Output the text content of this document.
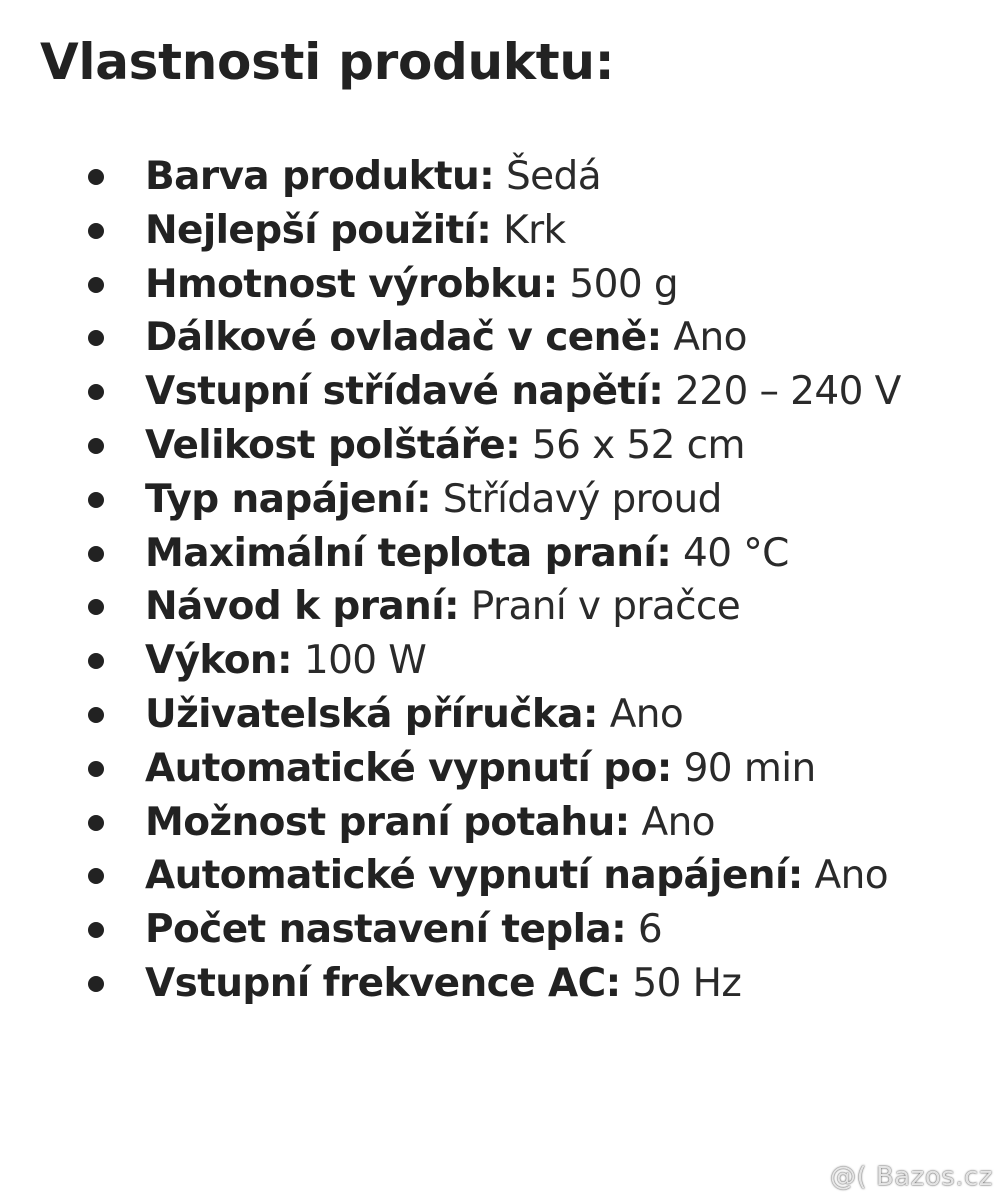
Vlastnosti produktu:
Barva produktu: Šedá
Nejlepší použití: Krk
Hmotnost výrobku: 500 g
Dálkové ovladač v ceně: Ano
Vstupní střídavé napětí: 220 – 240 V
Velikost polštáře: 56 x 52 cm
Typ napájení: Střídavý proud
Maximální teplota praní: 40 °C
Návod k praní: Praní v pračce
Výkon: 100 W
Uživatelská příručka: Ano
Automatické vypnutí po: 90 min
Možnost praní potahu: Ano
Automatické vypnutí napájení: Ano
Počet nastavení tepla: 6
Vstupní frekvence AC: 50 Hz
@( Bazos.cz
